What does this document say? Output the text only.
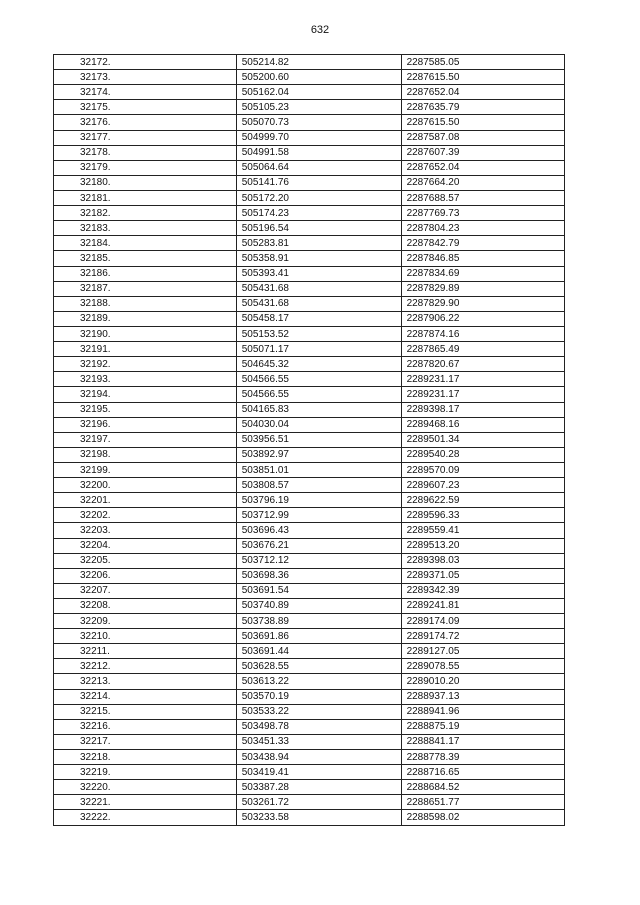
632
32172.	505214.82	2287585.05
32173.	505200.60	2287615.50
32174.	505162.04	2287652.04
32175.	505105.23	2287635.79
32176.	505070.73	2287615.50
32177.	504999.70	2287587.08
32178.	504991.58	2287607.39
32179.	505064.64	2287652.04
32180.	505141.76	2287664.20
32181.	505172.20	2287688.57
32182.	505174.23	2287769.73
32183.	505196.54	2287804.23
32184.	505283.81	2287842.79
32185.	505358.91	2287846.85
32186.	505393.41	2287834.69
32187.	505431.68	2287829.89
32188.	505431.68	2287829.90
32189.	505458.17	2287906.22
32190.	505153.52	2287874.16
32191.	505071.17	2287865.49
32192.	504645.32	2287820.67
32193.	504566.55	2289231.17
32194.	504566.55	2289231.17
32195.	504165.83	2289398.17
32196.	504030.04	2289468.16
32197.	503956.51	2289501.34
32198.	503892.97	2289540.28
32199.	503851.01	2289570.09
32200.	503808.57	2289607.23
32201.	503796.19	2289622.59
32202.	503712.99	2289596.33
32203.	503696.43	2289559.41
32204.	503676.21	2289513.20
32205.	503712.12	2289398.03
32206.	503698.36	2289371.05
32207.	503691.54	2289342.39
32208.	503740.89	2289241.81
32209.	503738.89	2289174.09
32210.	503691.86	2289174.72
32211.	503691.44	2289127.05
32212.	503628.55	2289078.55
32213.	503613.22	2289010.20
32214.	503570.19	2288937.13
32215.	503533.22	2288941.96
32216.	503498.78	2288875.19
32217.	503451.33	2288841.17
32218.	503438.94	2288778.39
32219.	503419.41	2288716.65
32220.	503387.28	2288684.52
32221.	503261.72	2288651.77
32222.	503233.58	2288598.02
